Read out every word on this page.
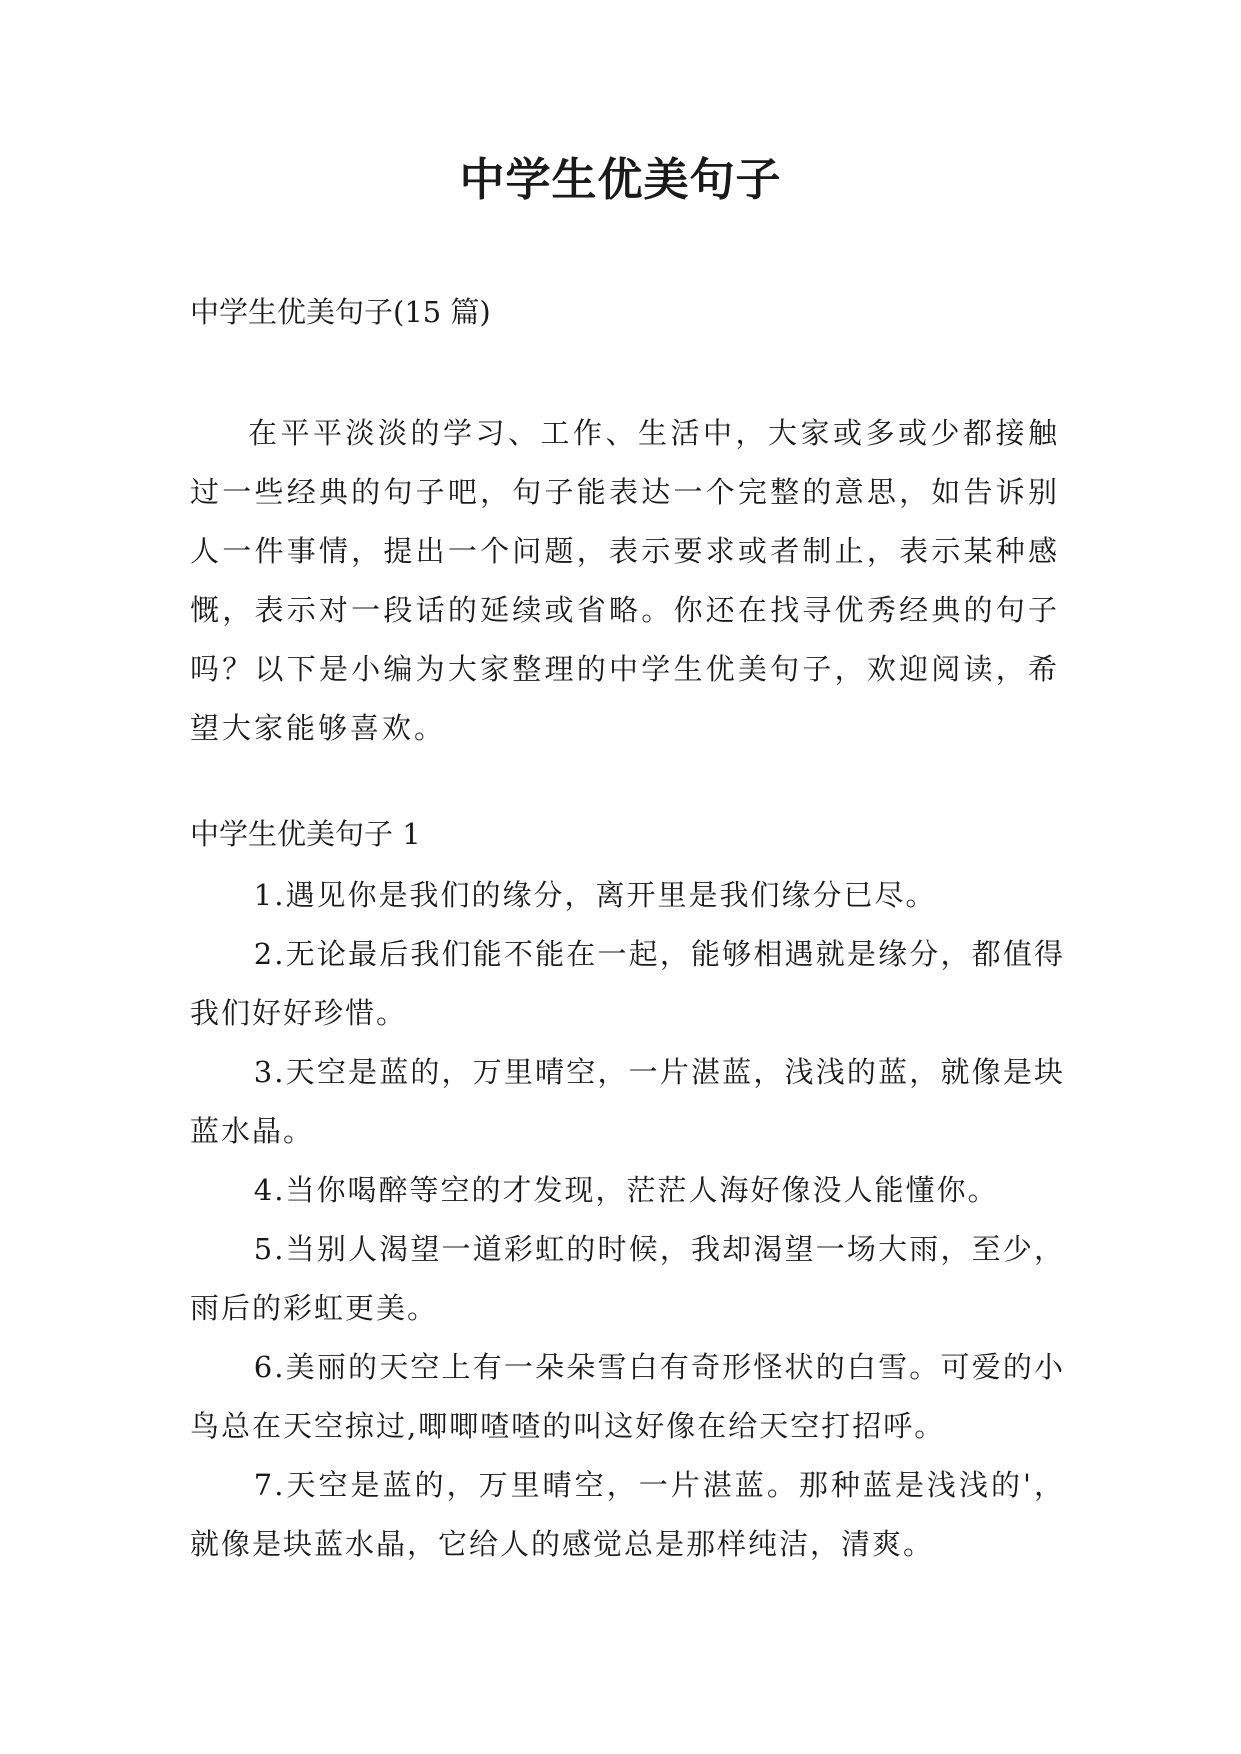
中学生优美句子

中学生优美句子(15 篇)

在平平淡淡的学习、工作、生活中，大家或多或少都接触过一些经典的句子吧，句子能表达一个完整的意思，如告诉别人一件事情，提出一个问题，表示要求或者制止，表示某种感慨，表示对一段话的延续或省略。你还在找寻优秀经典的句子吗？以下是小编为大家整理的中学生优美句子，欢迎阅读，希望大家能够喜欢。

中学生优美句子 1

1.遇见你是我们的缘分，离开里是我们缘分已尽。

2.无论最后我们能不能在一起，能够相遇就是缘分，都值得我们好好珍惜。

3.天空是蓝的，万里晴空，一片湛蓝，浅浅的蓝，就像是块蓝水晶。

4.当你喝醉等空的才发现，茫茫人海好像没人能懂你。

5.当别人渴望一道彩虹的时候，我却渴望一场大雨，至少，雨后的彩虹更美。

6.美丽的天空上有一朵朵雪白有奇形怪状的白雪。可爱的小鸟总在天空掠过,唧唧喳喳的叫这好像在给天空打招呼。

7.天空是蓝的，万里晴空，一片湛蓝。那种蓝是浅浅的'，就像是块蓝水晶，它给人的感觉总是那样纯洁，清爽。
